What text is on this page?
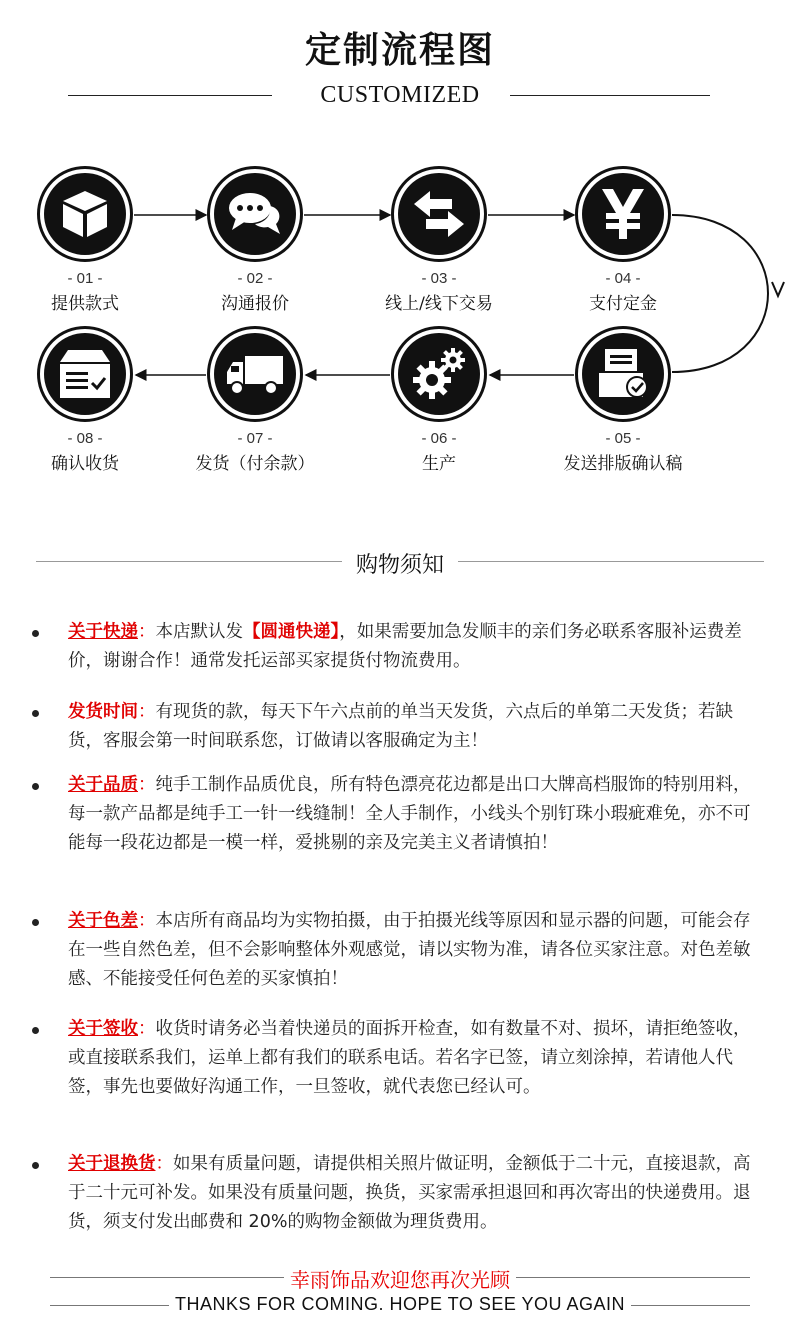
定制流程图
CUSTOMIZED
- 01 -
提供款式
- 02 -
沟通报价
- 03 -
线上/线下交易
- 04 -
支付定金
- 05 -
发送排版确认稿
- 06 -
生产
- 07 -
发货（付余款）
- 08 -
确认收货
购物须知
关于快递：本店默认发【圆通快递】，如果需要加急发顺丰的亲们务必联系客服补运费差价，谢谢合作！通常发托运部买家提货付物流费用。
发货时间：有现货的款，每天下午六点前的单当天发货，六点后的单第二天发货；若缺货，客服会第一时间联系您，订做请以客服确定为主！
关于品质：纯手工制作品质优良，所有特色漂亮花边都是出口大牌高档服饰的特别用料，每一款产品都是纯手工一针一线缝制！全人手制作，小线头个别钉珠小瑕疵难免，亦不可能每一段花边都是一模一样，爱挑剔的亲及完美主义者请慎拍！
关于色差：本店所有商品均为实物拍摄，由于拍摄光线等原因和显示器的问题，可能会存在一些自然色差，但不会影响整体外观感觉，请以实物为准，请各位买家注意。对色差敏感、不能接受任何色差的买家慎拍！
关于签收：收货时请务必当着快递员的面拆开检查，如有数量不对、损坏，请拒绝签收，或直接联系我们，运单上都有我们的联系电话。若名字已签，请立刻涂掉，若请他人代签，事先也要做好沟通工作，一旦签收，就代表您已经认可。
关于退换货：如果有质量问题，请提供相关照片做证明，金额低于二十元，直接退款，高于二十元可补发。如果没有质量问题，换货，买家需承担退回和再次寄出的快递费用。退货，须支付发出邮费和 20%的购物金额做为理货费用。
幸雨饰品欢迎您再次光顾
THANKS FOR COMING. HOPE TO SEE YOU AGAIN
